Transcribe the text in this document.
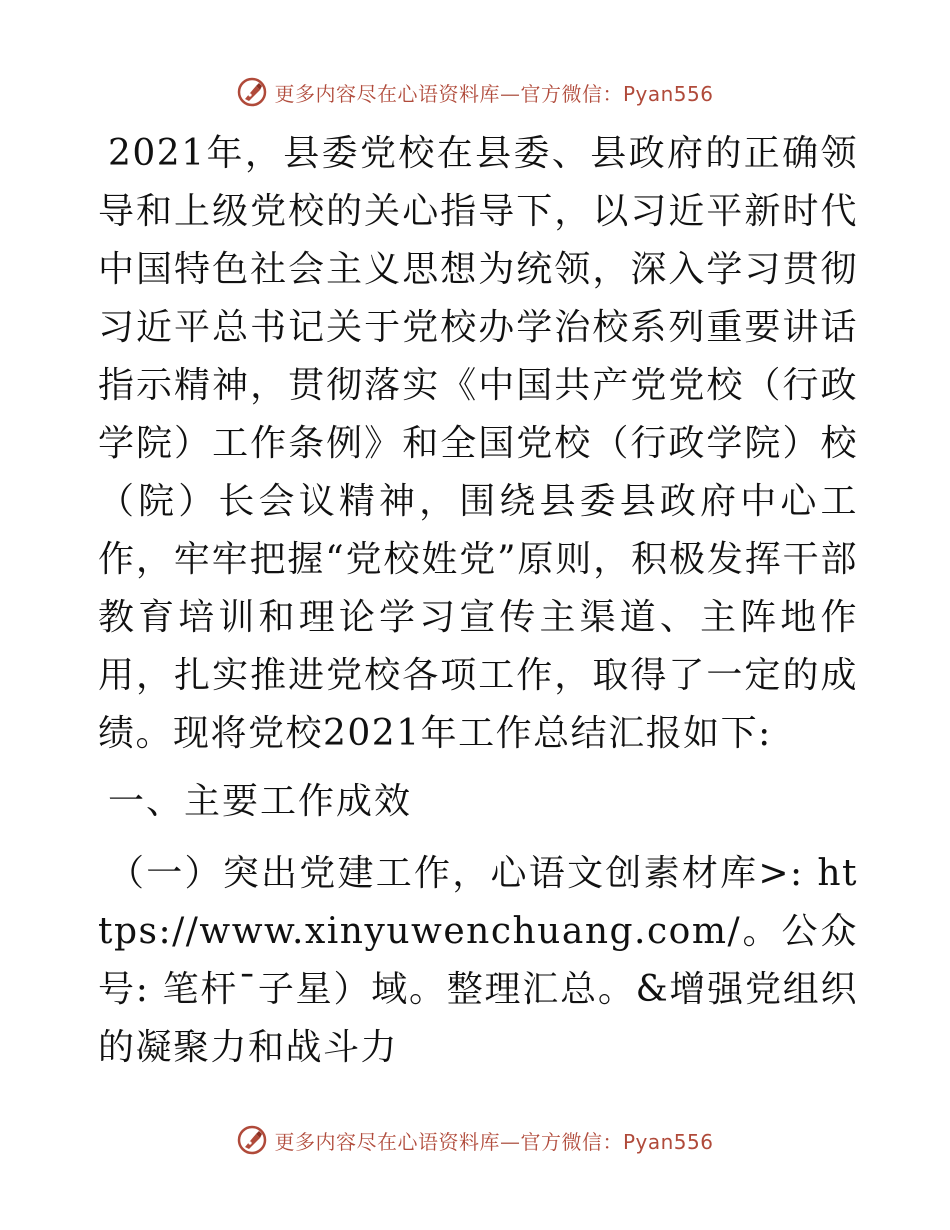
更多内容尽在心语资料库—官方微信：Pyan556

2021年，县委党校在县委、县政府的正确领导和上级党校的关心指导下，以习近平新时代中国特色社会主义思想为统领，深入学习贯彻习近平总书记关于党校办学治校系列重要讲话指示精神，贯彻落实《中国共产党党校（行政学院）工作条例》和全国党校（行政学院）校（院）长会议精神，围绕县委县政府中心工作，牢牢把握“党校姓党”原则，积极发挥干部教育培训和理论学习宣传主渠道、主阵地作用，扎实推进党校各项工作，取得了一定的成绩。现将党校2021年工作总结汇报如下:

一、主要工作成效

（一）突出党建工作，心语文创素材库>: https://www.xinyuwenchuang.com/。公众号: 笔杆¯子星）域。整理汇总。&增强党组织的凝聚力和战斗力

更多内容尽在心语资料库—官方微信：Pyan556
